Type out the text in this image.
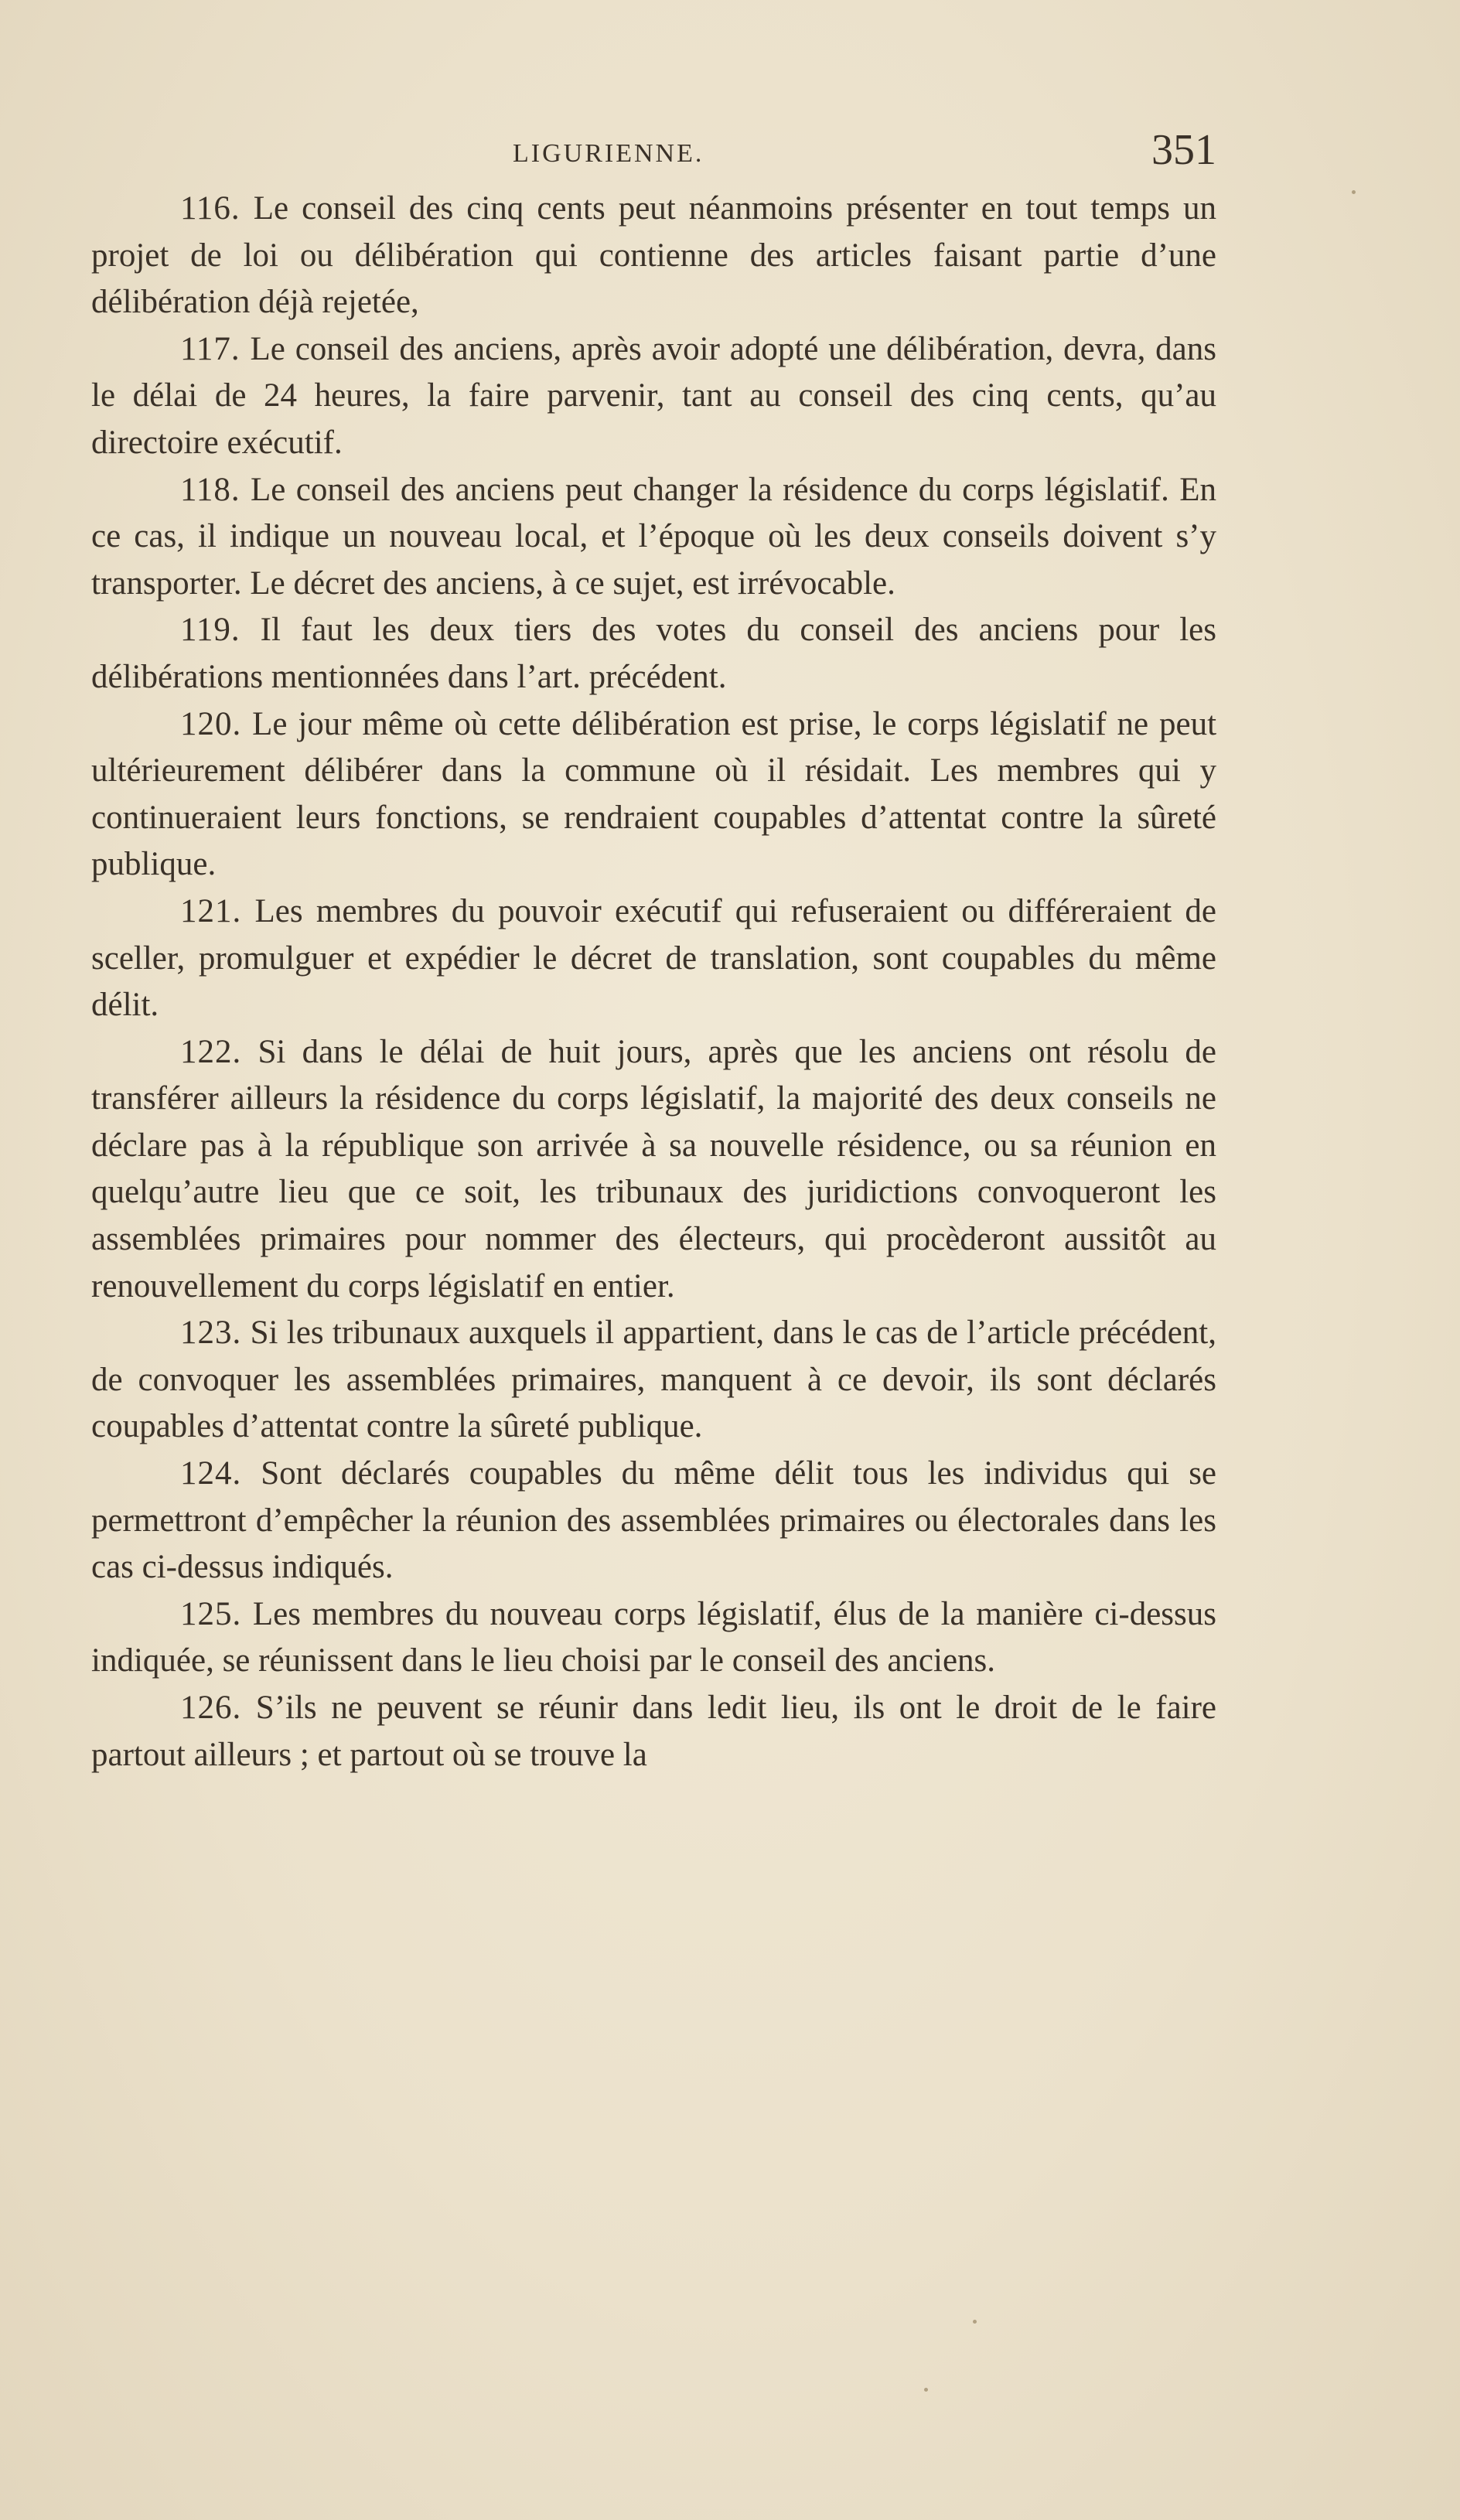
LIGURIENNE.	351

116. Le conseil des cinq cents peut néanmoins présenter en tout temps un projet de loi ou délibération qui contienne des articles faisant partie d’une délibération déjà rejetée,

117. Le conseil des anciens, après avoir adopté une délibération, devra, dans le délai de 24 heures, la faire parvenir, tant au conseil des cinq cents, qu’au directoire exécutif.

118. Le conseil des anciens peut changer la résidence du corps législatif. En ce cas, il indique un nouveau local, et l’époque où les deux conseils doivent s’y transporter. Le décret des anciens, à ce sujet, est irrévocable.

119. Il faut les deux tiers des votes du conseil des anciens pour les délibérations mentionnées dans l’art. précédent.

120. Le jour même où cette délibération est prise, le corps législatif ne peut ultérieurement délibérer dans la commune où il résidait. Les membres qui y continueraient leurs fonctions, se rendraient coupables d’attentat contre la sûreté publique.

121. Les membres du pouvoir exécutif qui refuseraient ou différeraient de sceller, promulguer et expédier le décret de translation, sont coupables du même délit.

122. Si dans le délai de huit jours, après que les anciens ont résolu de transférer ailleurs la résidence du corps législatif, la majorité des deux conseils ne déclare pas à la république son arrivée à sa nouvelle résidence, ou sa réunion en quelqu’autre lieu que ce soit, les tribunaux des juridictions convoqueront les assemblées primaires pour nommer des électeurs, qui procèderont aussitôt au renouvellement du corps législatif en entier.

123. Si les tribunaux auxquels il appartient, dans le cas de l’article précédent, de convoquer les assemblées primaires, manquent à ce devoir, ils sont déclarés coupables d’attentat contre la sûreté publique.

124. Sont déclarés coupables du même délit tous les individus qui se permettront d’empêcher la réunion des assemblées primaires ou électorales dans les cas ci-dessus indiqués.

125. Les membres du nouveau corps législatif, élus de la manière ci-dessus indiquée, se réunissent dans le lieu choisi par le conseil des anciens.

126. S’ils ne peuvent se réunir dans ledit lieu, ils ont le droit de le faire partout ailleurs ; et partout où se trouve la
